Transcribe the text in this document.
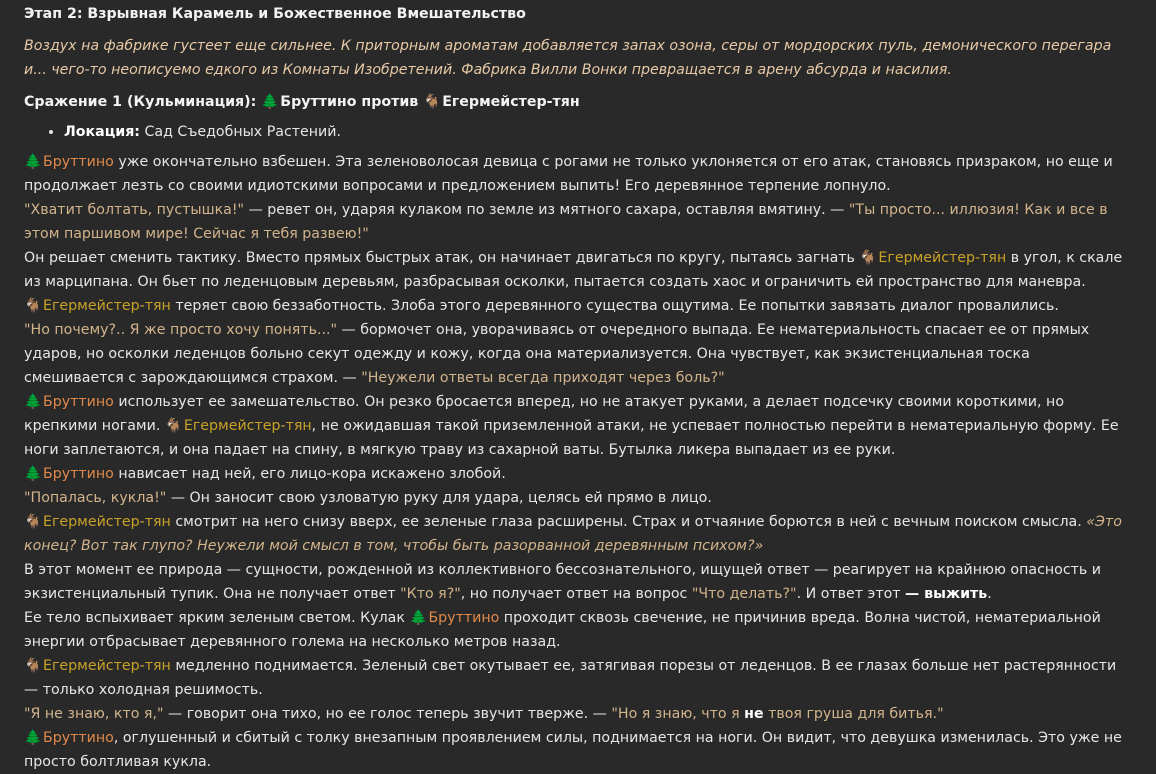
Этап 2: Взрывная Карамель и Божественное Вмешательство
Воздух на фабрике густеет еще сильнее. К приторным ароматам добавляется запах озона, серы от мордорских пуль, демонического перегара и... чего-то неописуемо едкого из Комнаты Изобретений. Фабрика Вилли Вонки превращается в арену абсурда и насилия.
Сражение 1 (Кульминация): 🌲Бруттино против 🐐Егермейстер-тян
• Локация: Сад Съедобных Растений.
🌲Бруттино уже окончательно взбешен. Эта зеленоволосая девица с рогами не только уклоняется от его атак, становясь призраком, но еще и продолжает лезть со своими идиотскими вопросами и предложением выпить! Его деревянное терпение лопнуло.
"Хватит болтать, пустышка!" — ревет он, ударяя кулаком по земле из мятного сахара, оставляя вмятину. — "Ты просто... иллюзия! Как и все в этом паршивом мире! Сейчас я тебя развею!"
Он решает сменить тактику. Вместо прямых быстрых атак, он начинает двигаться по кругу, пытаясь загнать 🐐Егермейстер-тян в угол, к скале из марципана. Он бьет по леденцовым деревьям, разбрасывая осколки, пытается создать хаос и ограничить ей пространство для маневра.
🐐Егермейстер-тян теряет свою беззаботность. Злоба этого деревянного существа ощутима. Ее попытки завязать диалог провалились.
"Но почему?.. Я же просто хочу понять..." — бормочет она, уворачиваясь от очередного выпада. Ее нематериальность спасает ее от прямых ударов, но осколки леденцов больно секут одежду и кожу, когда она материализуется. Она чувствует, как экзистенциальная тоска смешивается с зарождающимся страхом. — "Неужели ответы всегда приходят через боль?"
🌲Бруттино использует ее замешательство. Он резко бросается вперед, но не атакует руками, а делает подсечку своими короткими, но крепкими ногами. 🐐Егермейстер-тян, не ожидавшая такой приземленной атаки, не успевает полностью перейти в нематериальную форму. Ее ноги заплетаются, и она падает на спину, в мягкую траву из сахарной ваты. Бутылка ликера выпадает из ее руки.
🌲Бруттино нависает над ней, его лицо-кора искажено злобой.
"Попалась, кукла!" — Он заносит свою узловатую руку для удара, целясь ей прямо в лицо.
🐐Егермейстер-тян смотрит на него снизу вверх, ее зеленые глаза расширены. Страх и отчаяние борются в ней с вечным поиском смысла. «Это конец? Вот так глупо? Неужели мой смысл в том, чтобы быть разорванной деревянным психом?»
В этот момент ее природа — сущности, рожденной из коллективного бессознательного, ищущей ответ — реагирует на крайнюю опасность и экзистенциальный тупик. Она не получает ответ "Кто я?", но получает ответ на вопрос "Что делать?". И ответ этот — выжить.
Ее тело вспыхивает ярким зеленым светом. Кулак 🌲Бруттино проходит сквозь свечение, не причинив вреда. Волна чистой, нематериальной энергии отбрасывает деревянного голема на несколько метров назад.
🐐Егермейстер-тян медленно поднимается. Зеленый свет окутывает ее, затягивая порезы от леденцов. В ее глазах больше нет растерянности — только холодная решимость.
"Я не знаю, кто я," — говорит она тихо, но ее голос теперь звучит тверже. — "Но я знаю, что я не твоя груша для битья."
🌲Бруттино, оглушенный и сбитый с толку внезапным проявлением силы, поднимается на ноги. Он видит, что девушка изменилась. Это уже не просто болтливая кукла.
